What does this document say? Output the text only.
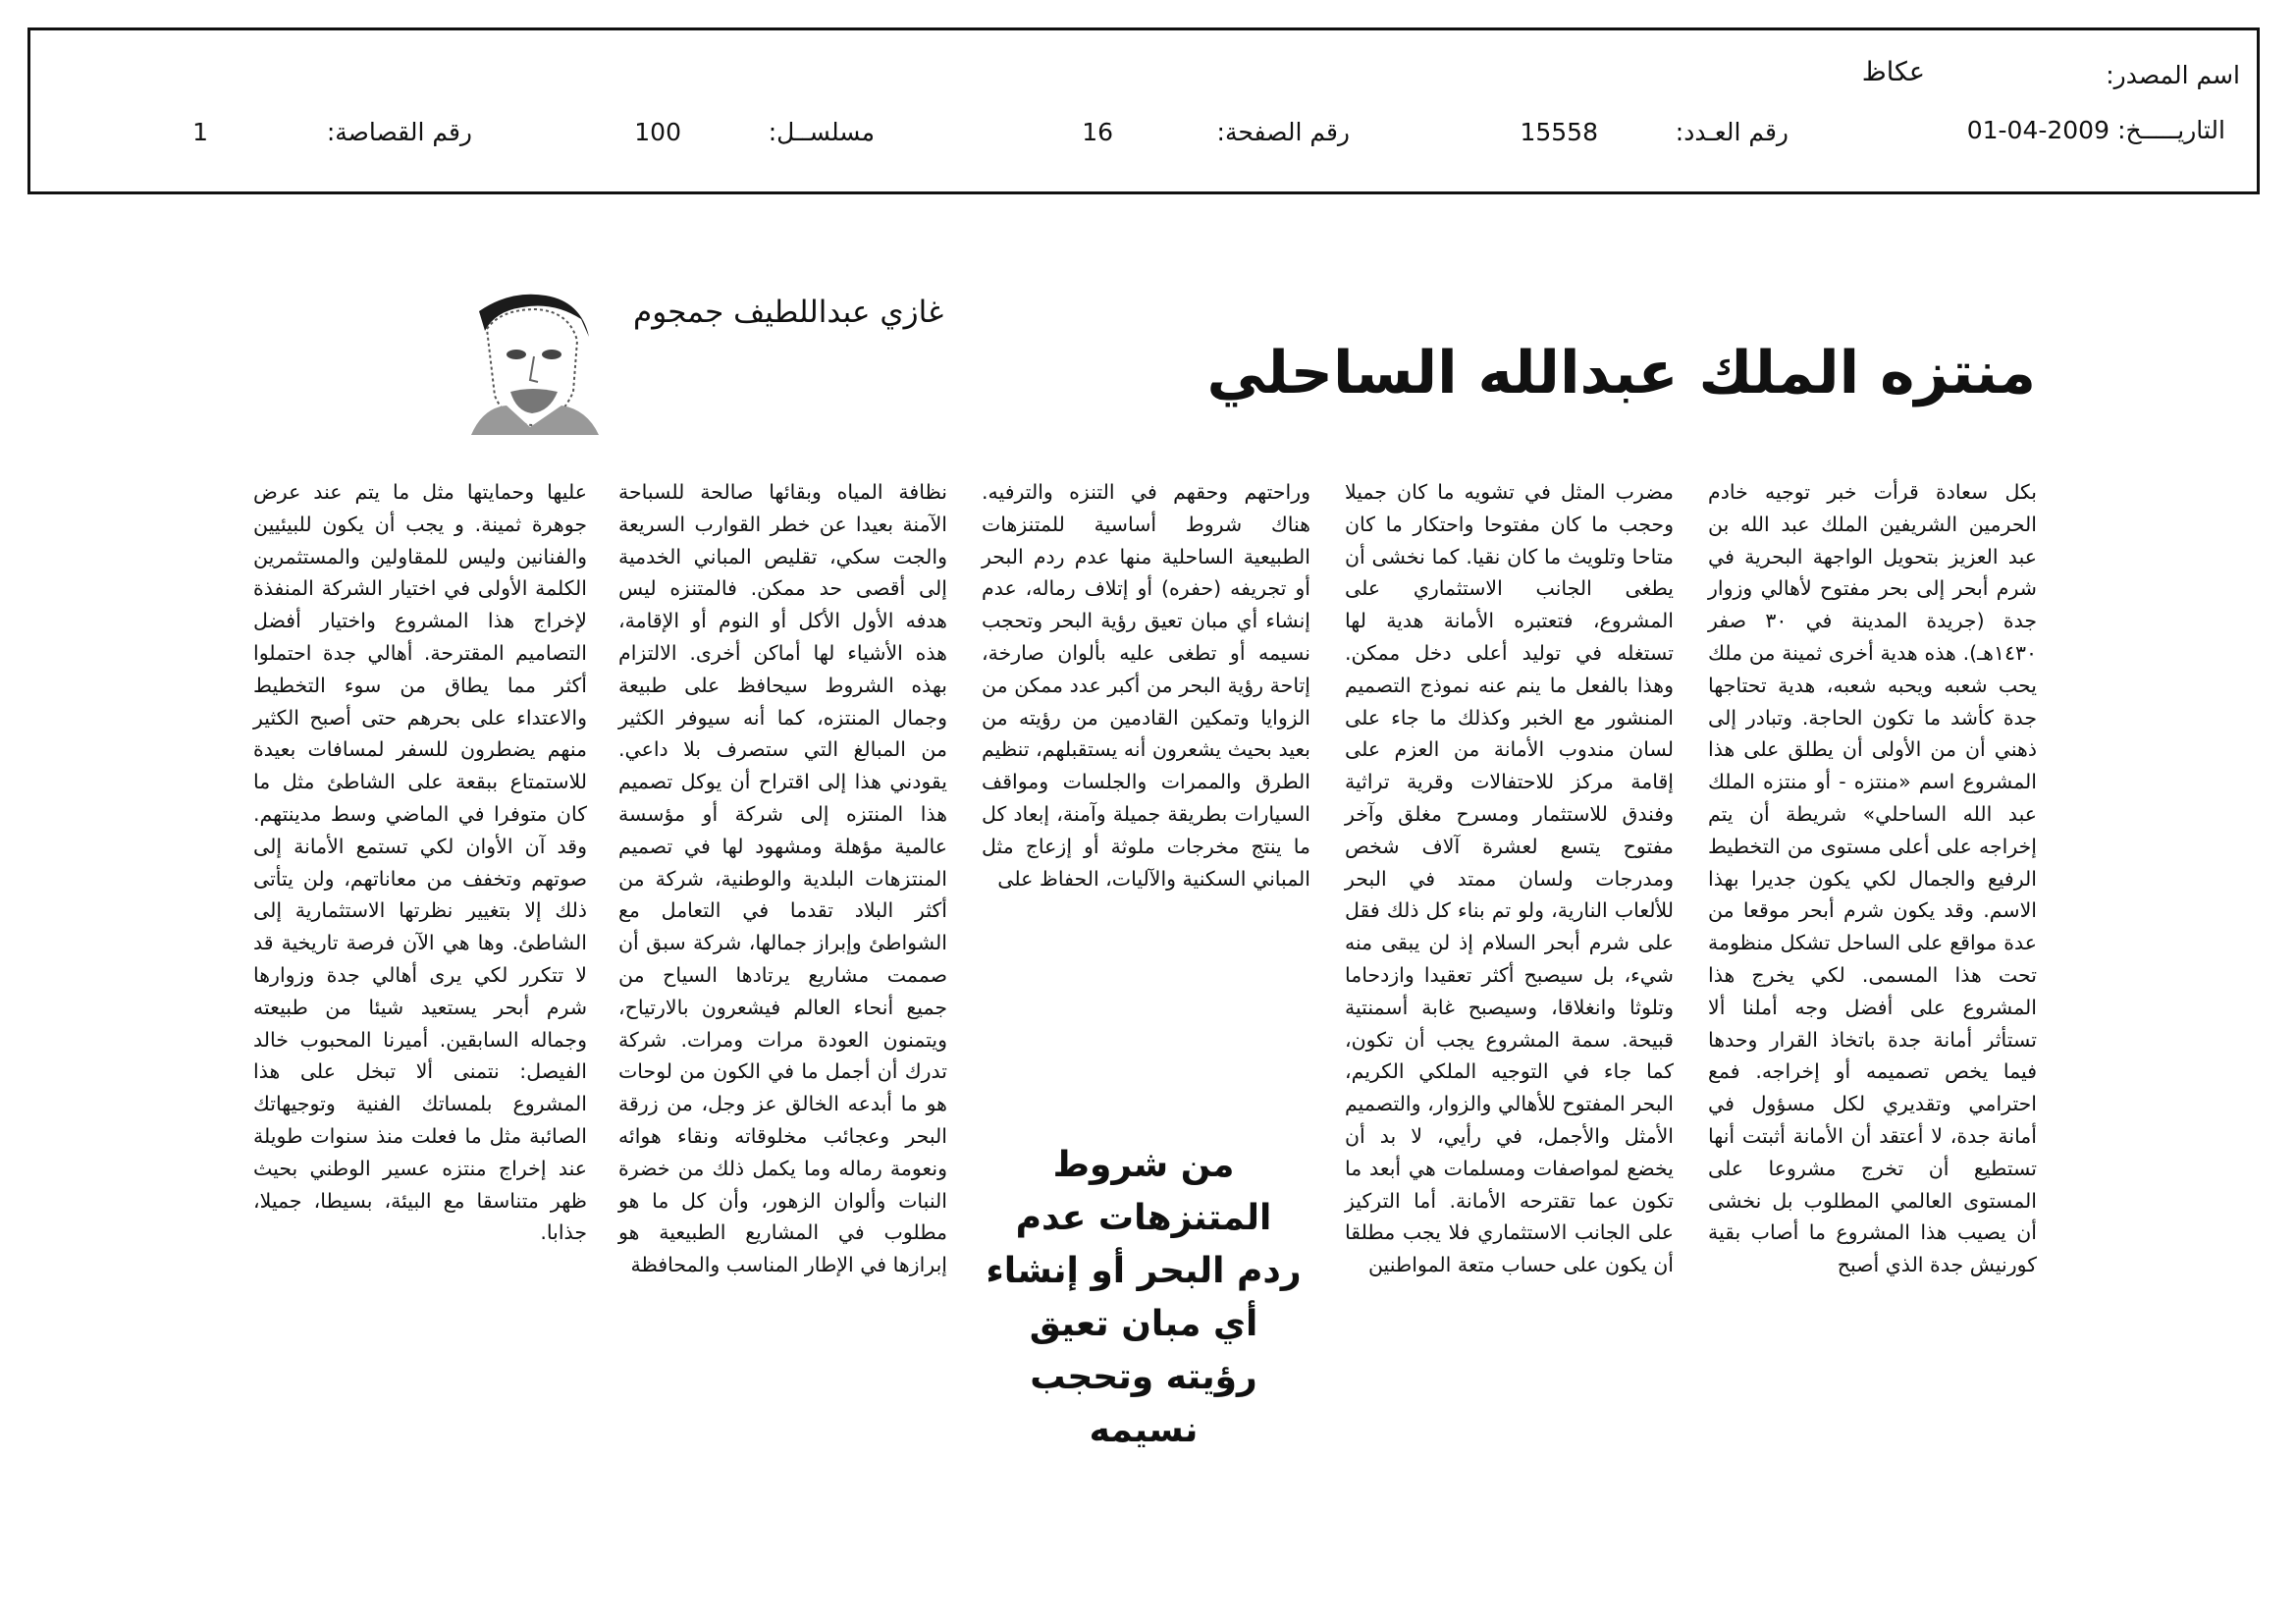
اسم المصدر:
عكاظ
التاريـــــخ:
01-04-2009
رقم العـدد:
15558
رقم الصفحة:
16
مسلســل:
100
رقم القصاصة:
1
منتزه الملك عبدالله الساحلي
غازي عبداللطيف جمجوم

بكل سعادة قرأت خبر توجيه خادم الحرمين الشريفين الملك عبد الله بن عبد العزيز بتحويل الواجهة البحرية في شرم أبحر إلى بحر مفتوح لأهالي وزوار جدة (جريدة المدينة في ٣٠ صفر ١٤٣٠هـ). هذه هدية أخرى ثمينة من ملك يحب شعبه ويحبه شعبه، هدية تحتاجها جدة كأشد ما تكون الحاجة. وتبادر إلى ذهني أن من الأولى أن يطلق على هذا المشروع اسم «منتزه - أو منتزه الملك عبد الله الساحلي» شريطة أن يتم إخراجه على أعلى مستوى من التخطيط الرفيع والجمال لكي يكون جديرا بهذا الاسم. وقد يكون شرم أبحر موقعا من عدة مواقع على الساحل تشكل منظومة تحت هذا المسمى. لكي يخرج هذا المشروع على أفضل وجه أملنا ألا تستأثر أمانة جدة باتخاذ القرار وحدها فيما يخص تصميمه أو إخراجه. فمع احترامي وتقديري لكل مسؤول في أمانة جدة، لا أعتقد أن الأمانة أثبتت أنها تستطيع أن تخرج مشروعا على المستوى العالمي المطلوب بل نخشى أن يصيب هذا المشروع ما أصاب بقية كورنيش جدة الذي أصبح

مضرب المثل في تشويه ما كان جميلا وحجب ما كان مفتوحا واحتكار ما كان متاحا وتلويث ما كان نقيا. كما نخشى أن يطغى الجانب الاستثماري على المشروع، فتعتبره الأمانة هدية لها تستغله في توليد أعلى دخل ممكن. وهذا بالفعل ما ينم عنه نموذج التصميم المنشور مع الخبر وكذلك ما جاء على لسان مندوب الأمانة من العزم على إقامة مركز للاحتفالات وقرية تراثية وفندق للاستثمار ومسرح مغلق وآخر مفتوح يتسع لعشرة آلاف شخص ومدرجات ولسان ممتد في البحر للألعاب النارية، ولو تم بناء كل ذلك فقل على شرم أبحر السلام إذ لن يبقى منه شيء، بل سيصبح أكثر تعقيدا وازدحاما وتلوثا وانغلاقا، وسيصبح غابة أسمنتية قبيحة. سمة المشروع يجب أن تكون، كما جاء في التوجيه الملكي الكريم، البحر المفتوح للأهالي والزوار، والتصميم الأمثل والأجمل، في رأيي، لا بد أن يخضع لمواصفات ومسلمات هي أبعد ما تكون عما تقترحه الأمانة. أما التركيز على الجانب الاستثماري فلا يجب مطلقا أن يكون على حساب متعة المواطنين

وراحتهم وحقهم في التنزه والترفيه. هناك شروط أساسية للمتنزهات الطبيعية الساحلية منها عدم ردم البحر أو تجريفه (حفره) أو إتلاف رماله، عدم إنشاء أي مبان تعيق رؤية البحر وتحجب نسيمه أو تطغى عليه بألوان صارخة، إتاحة رؤية البحر من أكبر عدد ممكن من الزوايا وتمكين القادمين من رؤيته من بعيد بحيث يشعرون أنه يستقبلهم، تنظيم الطرق والممرات والجلسات ومواقف السيارات بطريقة جميلة وآمنة، إبعاد كل ما ينتج مخرجات ملوثة أو إزعاج مثل المباني السكنية والآليات، الحفاظ على

من شروط المتنزهات عدم ردم البحر أو إنشاء أي مبان تعيق رؤيته وتحجب نسيمه

نظافة المياه وبقائها صالحة للسباحة الآمنة بعيدا عن خطر القوارب السريعة والجت سكي، تقليص المباني الخدمية إلى أقصى حد ممكن. فالمتنزه ليس هدفه الأول الأكل أو النوم أو الإقامة، هذه الأشياء لها أماكن أخرى. الالتزام بهذه الشروط سيحافظ على طبيعة وجمال المنتزه، كما أنه سيوفر الكثير من المبالغ التي ستصرف بلا داعي. يقودني هذا إلى اقتراح أن يوكل تصميم هذا المنتزه إلى شركة أو مؤسسة عالمية مؤهلة ومشهود لها في تصميم المنتزهات البلدية والوطنية، شركة من أكثر البلاد تقدما في التعامل مع الشواطئ وإبراز جمالها، شركة سبق أن صممت مشاريع يرتادها السياح من جميع أنحاء العالم فيشعرون بالارتياح، ويتمنون العودة مرات ومرات. شركة تدرك أن أجمل ما في الكون من لوحات هو ما أبدعه الخالق عز وجل، من زرقة البحر وعجائب مخلوقاته ونقاء هوائه ونعومة رماله وما يكمل ذلك من خضرة النبات وألوان الزهور، وأن كل ما هو مطلوب في المشاريع الطبيعية هو إبرازها في الإطار المناسب والمحافظة

عليها وحمايتها مثل ما يتم عند عرض جوهرة ثمينة. و يجب أن يكون للبيئيين والفنانين وليس للمقاولين والمستثمرين الكلمة الأولى في اختيار الشركة المنفذة لإخراج هذا المشروع واختيار أفضل التصاميم المقترحة. أهالي جدة احتملوا أكثر مما يطاق من سوء التخطيط والاعتداء على بحرهم حتى أصبح الكثير منهم يضطرون للسفر لمسافات بعيدة للاستمتاع ببقعة على الشاطئ مثل ما كان متوفرا في الماضي وسط مدينتهم. وقد آن الأوان لكي تستمع الأمانة إلى صوتهم وتخفف من معاناتهم، ولن يتأتى ذلك إلا بتغيير نظرتها الاستثمارية إلى الشاطئ. وها هي الآن فرصة تاريخية قد لا تتكرر لكي يرى أهالي جدة وزوارها شرم أبحر يستعيد شيئا من طبيعته وجماله السابقين. أميرنا المحبوب خالد الفيصل: نتمنى ألا تبخل على هذا المشروع بلمساتك الفنية وتوجيهاتك الصائبة مثل ما فعلت منذ سنوات طويلة عند إخراج منتزه عسير الوطني بحيث ظهر متناسقا مع البيئة، بسيطا، جميلا، جذابا.
